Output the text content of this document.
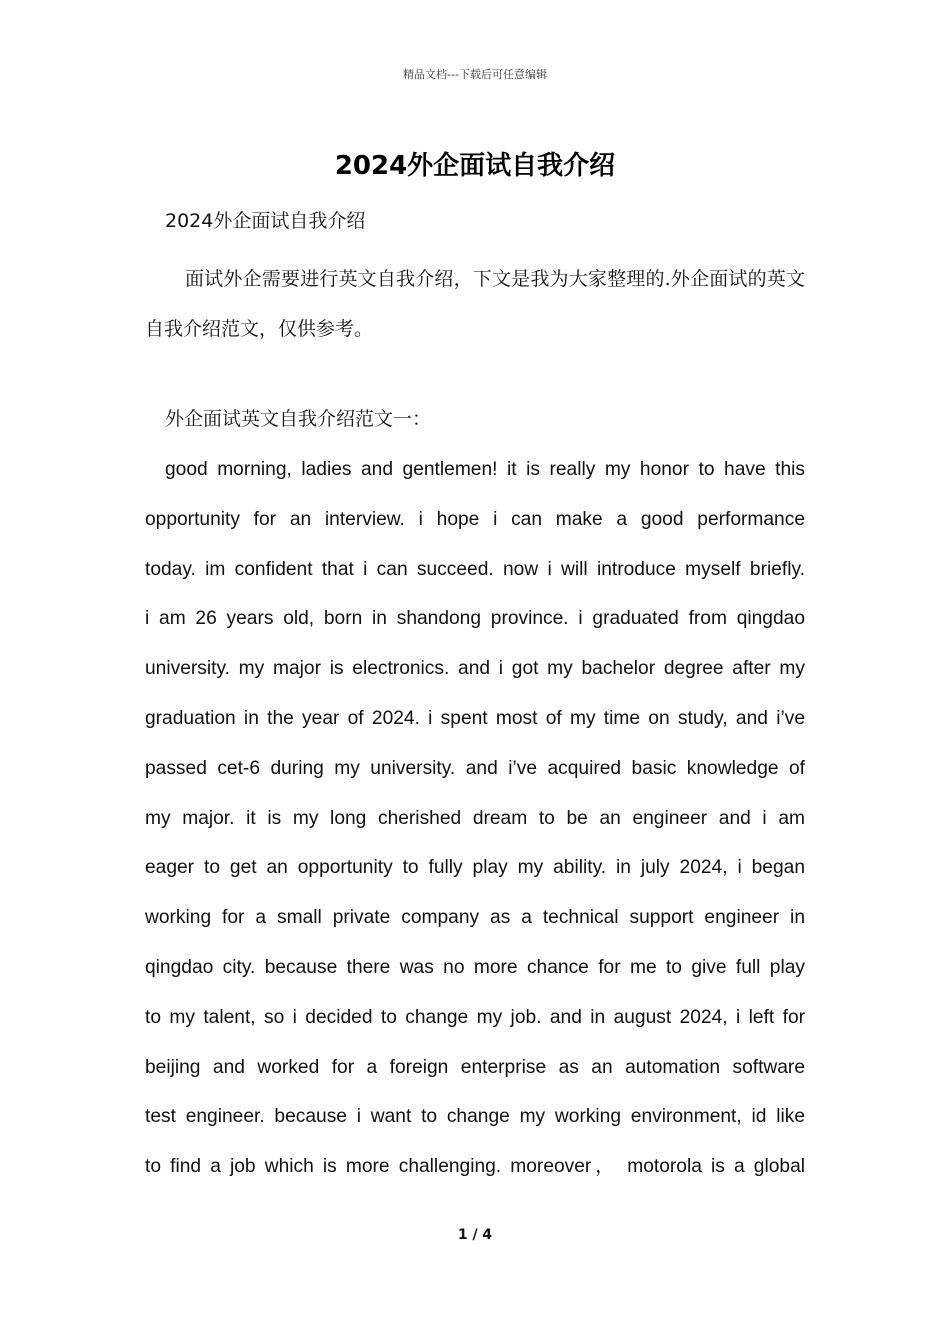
精品文档---下载后可任意编辑
2024外企面试自我介绍
2024外企面试自我介绍

面试外企需要进行英文自我介绍，下文是我为大家整理的.外企面试的英文自我介绍范文，仅供参考。

外企面试英文自我介绍范文一：
good morning, ladies and gentlemen! it is really my honor to have this
opportunity for an interview. i hope i can make a good performance
today. im confident that i can succeed. now i will introduce myself briefly.
i am 26 years old, born in shandong province. i graduated from qingdao
university. my major is electronics. and i got my bachelor degree after my
graduation in the year of 2024. i spent most of my time on study, and i’ve
passed cet-6 during my university. and i’ve acquired basic knowledge of
my major. it is my long cherished dream to be an engineer and i am
eager to get an opportunity to fully play my ability. in july 2024, i began
working for a small private company as a technical support engineer in
qingdao city. because there was no more chance for me to give full play
to my talent, so i decided to change my job. and in august 2024, i left for
beijing and worked for a foreign enterprise as an automation software
test engineer. because i want to change my working environment, id like
to find a job which is more challenging. moreover， motorola is a global
1 / 4
